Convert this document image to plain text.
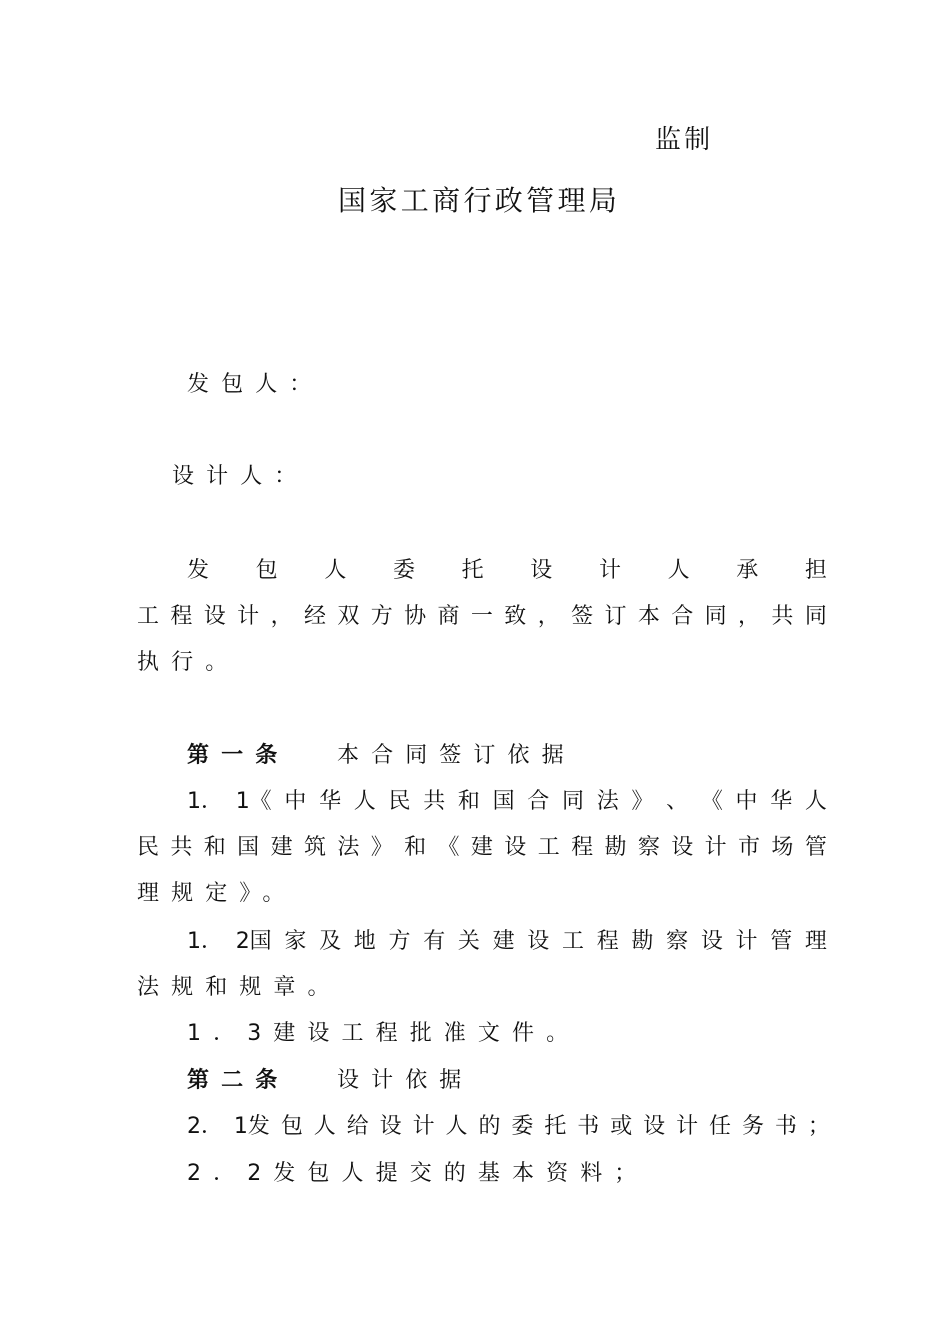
监制
国家工商行政管理局
发包人：
设计人：
发 包 人 委 托 设 计 人 承 担
工 程 设 计 ， 经 双 方 协 商 一 致 ， 签 订 本 合 同 ， 共 同
执行。
第一条 本合同签订依据
1． 1《 中 华 人 民 共 和 国 合 同 法 》 、 《 中 华 人
民 共 和 国 建 筑 法 》 和 《 建 设 工 程 勘 察 设 计 市 场 管
理规定》。
1． 2国 家 及 地 方 有 关 建 设 工 程 勘 察 设 计 管 理
法规和规章。
1．3建设工程批准文件。
第二条 设计依据
2． 1发 包 人 给 设 计 人 的 委 托 书 或 设 计 任 务 书 ；
2．2发包人提交的基本资料；
